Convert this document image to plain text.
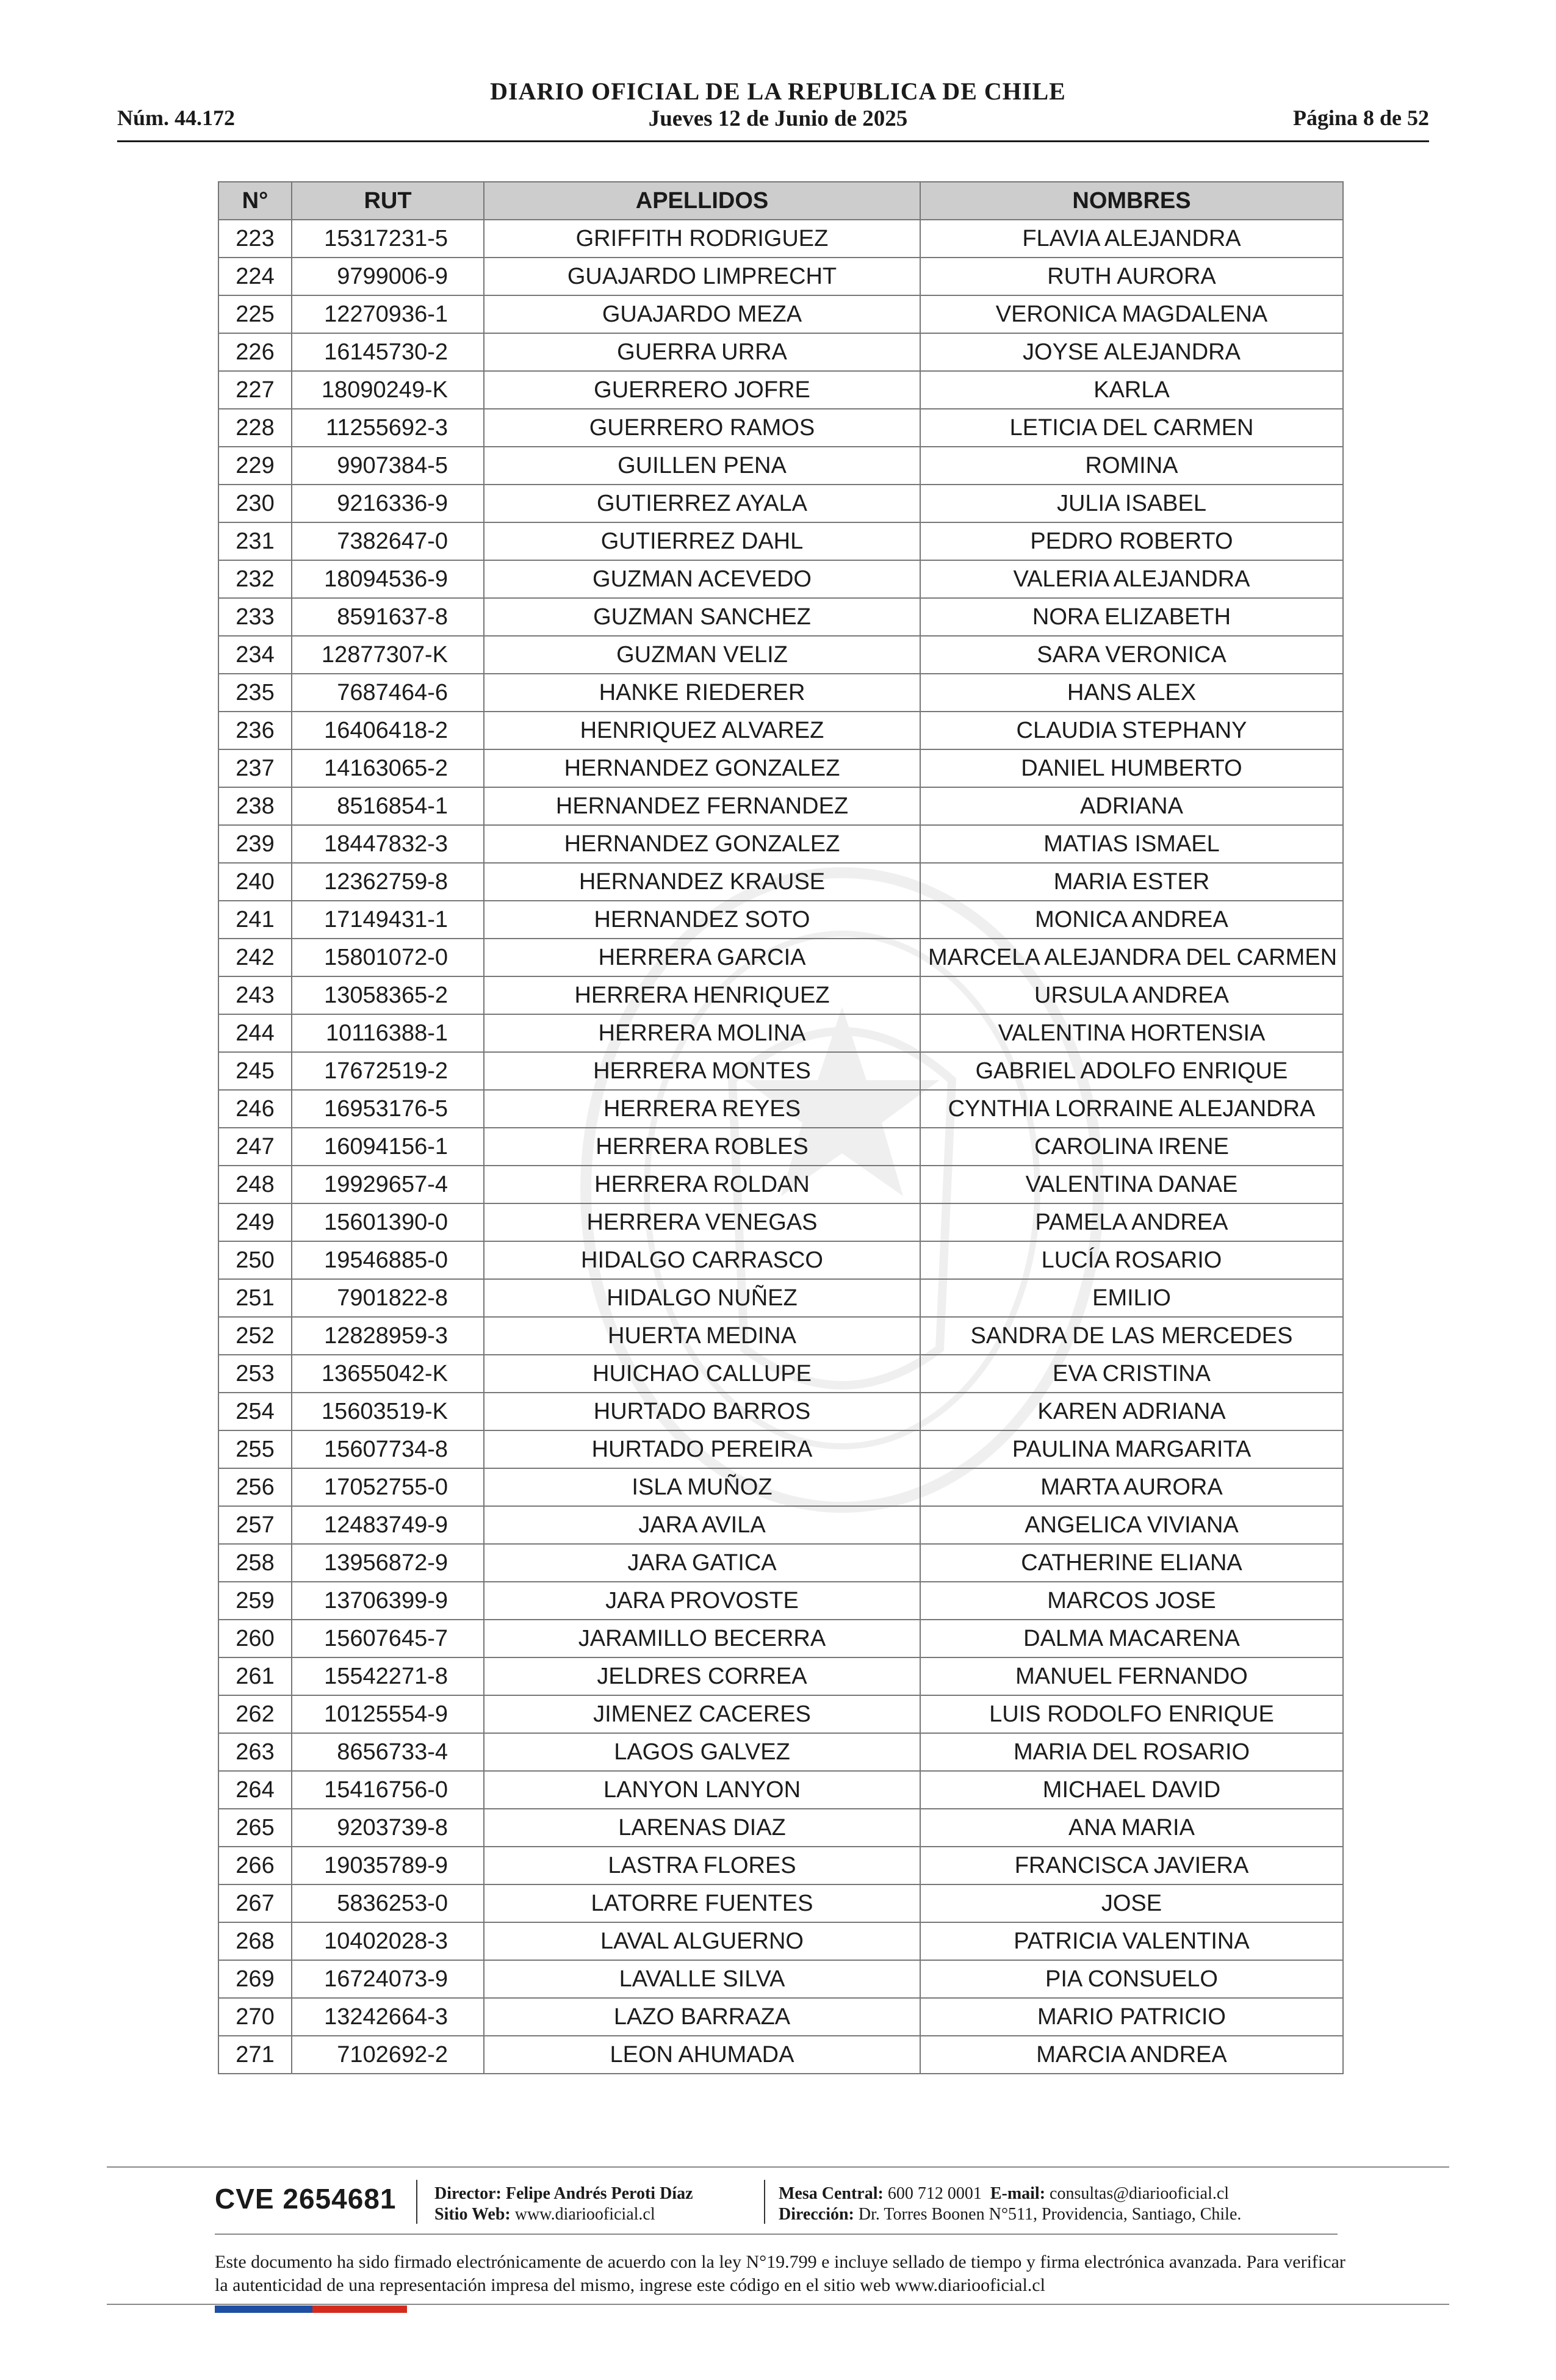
Núm. 44.172
DIARIO OFICIAL DE LA REPUBLICA DE CHILE
Jueves 12 de Junio de 2025	Página 8 de 52
N°	RUT	APELLIDOS	NOMBRES
223	15317231-5	GRIFFITH RODRIGUEZ	FLAVIA ALEJANDRA
224	9799006-9	GUAJARDO LIMPRECHT	RUTH AURORA
225	12270936-1	GUAJARDO MEZA	VERONICA MAGDALENA
226	16145730-2	GUERRA URRA	JOYSE ALEJANDRA
227	18090249-K	GUERRERO JOFRE	KARLA
228	11255692-3	GUERRERO RAMOS	LETICIA DEL CARMEN
229	9907384-5	GUILLEN PENA	ROMINA
230	9216336-9	GUTIERREZ AYALA	JULIA ISABEL
231	7382647-0	GUTIERREZ DAHL	PEDRO ROBERTO
232	18094536-9	GUZMAN ACEVEDO	VALERIA ALEJANDRA
233	8591637-8	GUZMAN SANCHEZ	NORA ELIZABETH
234	12877307-K	GUZMAN VELIZ	SARA VERONICA
235	7687464-6	HANKE RIEDERER	HANS ALEX
236	16406418-2	HENRIQUEZ ALVAREZ	CLAUDIA STEPHANY
237	14163065-2	HERNANDEZ GONZALEZ	DANIEL HUMBERTO
238	8516854-1	HERNANDEZ FERNANDEZ	ADRIANA
239	18447832-3	HERNANDEZ GONZALEZ	MATIAS ISMAEL
240	12362759-8	HERNANDEZ KRAUSE	MARIA ESTER
241	17149431-1	HERNANDEZ SOTO	MONICA ANDREA
242	15801072-0	HERRERA GARCIA	MARCELA ALEJANDRA DEL CARMEN
243	13058365-2	HERRERA HENRIQUEZ	URSULA ANDREA
244	10116388-1	HERRERA MOLINA	VALENTINA HORTENSIA
245	17672519-2	HERRERA MONTES	GABRIEL ADOLFO ENRIQUE
246	16953176-5	HERRERA REYES	CYNTHIA LORRAINE ALEJANDRA
247	16094156-1	HERRERA ROBLES	CAROLINA IRENE
248	19929657-4	HERRERA ROLDAN	VALENTINA DANAE
249	15601390-0	HERRERA VENEGAS	PAMELA ANDREA
250	19546885-0	HIDALGO CARRASCO	LUCÍA ROSARIO
251	7901822-8	HIDALGO NUÑEZ	EMILIO
252	12828959-3	HUERTA MEDINA	SANDRA DE LAS MERCEDES
253	13655042-K	HUICHAO CALLUPE	EVA CRISTINA
254	15603519-K	HURTADO BARROS	KAREN ADRIANA
255	15607734-8	HURTADO PEREIRA	PAULINA MARGARITA
256	17052755-0	ISLA MUÑOZ	MARTA AURORA
257	12483749-9	JARA AVILA	ANGELICA VIVIANA
258	13956872-9	JARA GATICA	CATHERINE ELIANA
259	13706399-9	JARA PROVOSTE	MARCOS JOSE
260	15607645-7	JARAMILLO BECERRA	DALMA MACARENA
261	15542271-8	JELDRES CORREA	MANUEL FERNANDO
262	10125554-9	JIMENEZ CACERES	LUIS RODOLFO ENRIQUE
263	8656733-4	LAGOS GALVEZ	MARIA DEL ROSARIO
264	15416756-0	LANYON LANYON	MICHAEL DAVID
265	9203739-8	LARENAS DIAZ	ANA MARIA
266	19035789-9	LASTRA FLORES	FRANCISCA JAVIERA
267	5836253-0	LATORRE FUENTES	JOSE
268	10402028-3	LAVAL ALGUERNO	PATRICIA VALENTINA
269	16724073-9	LAVALLE SILVA	PIA CONSUELO
270	13242664-3	LAZO BARRAZA	MARIO PATRICIO
271	7102692-2	LEON AHUMADA	MARCIA ANDREA
CVE 2654681 Director: Felipe Andrés Peroti Díaz
Sitio Web: www.diariooficial.cl
Mesa Central: 600 712 0001 E-mail: consultas@diariooficial.cl
Dirección: Dr. Torres Boonen N°511, Providencia, Santiago, Chile.
Este documento ha sido firmado electrónicamente de acuerdo con la ley N°19.799 e incluye sellado de tiempo y firma electrónica avanzada. Para verificar la autenticidad de una representación impresa del mismo, ingrese este código en el sitio web www.diariooficial.cl
